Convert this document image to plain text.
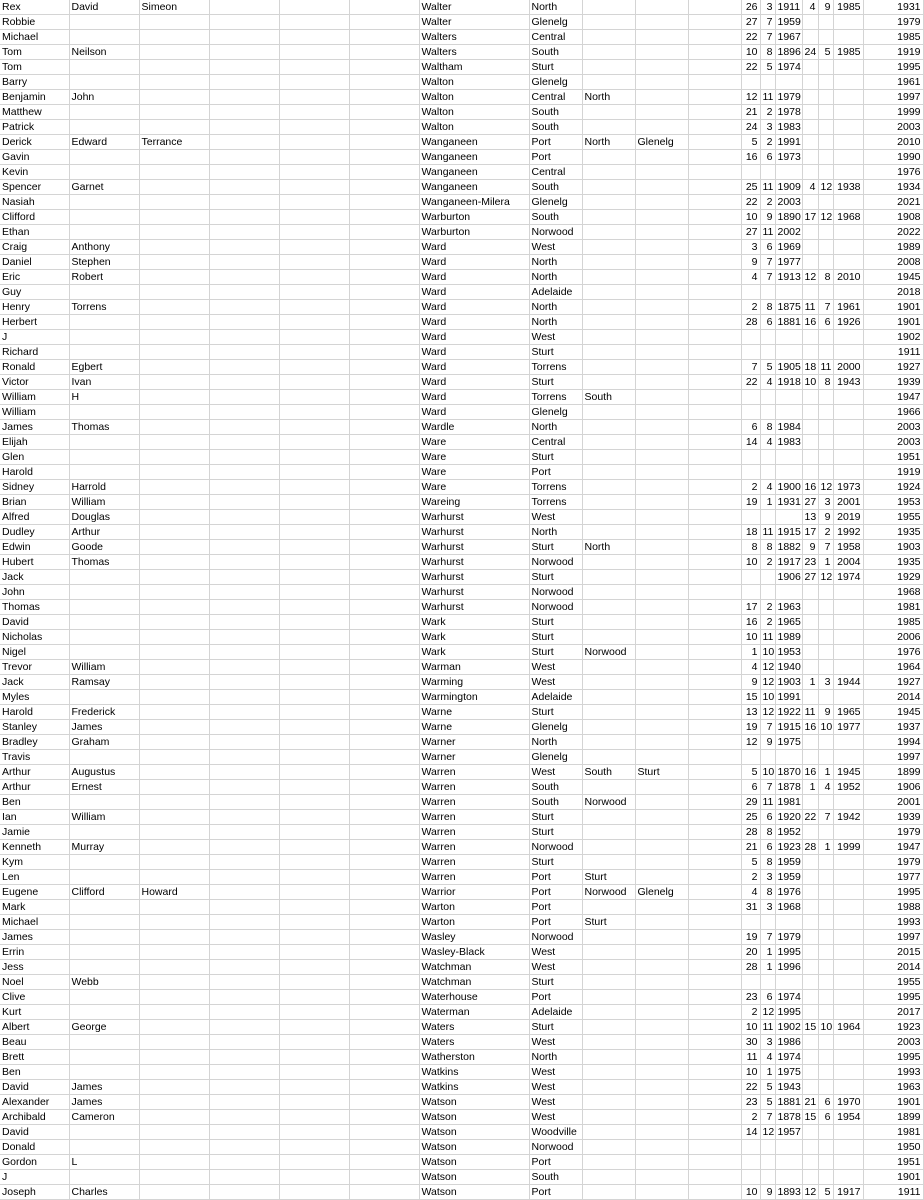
Rex	David	Simeon				Walter	North				26	3	1911	4	9	1985	1931
Robbie						Walter	Glenelg				27	7	1959				1979
Michael						Walters	Central				22	7	1967				1985
Tom	Neilson					Walters	South				10	8	1896	24	5	1985	1919
Tom						Waltham	Sturt				22	5	1974				1995
Barry						Walton	Glenelg										1961
Benjamin	John					Walton	Central	North			12	11	1979				1997
Matthew						Walton	South				21	2	1978				1999
Patrick						Walton	South				24	3	1983				2003
Derick	Edward	Terrance				Wanganeen	Port	North	Glenelg		5	2	1991				2010
Gavin						Wanganeen	Port				16	6	1973				1990
Kevin						Wanganeen	Central										1976
Spencer	Garnet					Wanganeen	South				25	11	1909	4	12	1938	1934
Nasiah						Wanganeen-Milera	Glenelg				22	2	2003				2021
Clifford						Warburton	South				10	9	1890	17	12	1968	1908
Ethan						Warburton	Norwood				27	11	2002				2022
Craig	Anthony					Ward	West				3	6	1969				1989
Daniel	Stephen					Ward	North				9	7	1977				2008
Eric	Robert					Ward	North				4	7	1913	12	8	2010	1945
Guy						Ward	Adelaide										2018
Henry	Torrens					Ward	North				2	8	1875	11	7	1961	1901
Herbert						Ward	North				28	6	1881	16	6	1926	1901
J						Ward	West										1902
Richard						Ward	Sturt										1911
Ronald	Egbert					Ward	Torrens				7	5	1905	18	11	2000	1927
Victor	Ivan					Ward	Sturt				22	4	1918	10	8	1943	1939
William	H					Ward	Torrens	South									1947
William						Ward	Glenelg										1966
James	Thomas					Wardle	North				6	8	1984				2003
Elijah						Ware	Central				14	4	1983				2003
Glen						Ware	Sturt										1951
Harold						Ware	Port										1919
Sidney	Harrold					Ware	Torrens				2	4	1900	16	12	1973	1924
Brian	William					Wareing	Torrens				19	1	1931	27	3	2001	1953
Alfred	Douglas					Warhurst	West							13	9	2019	1955
Dudley	Arthur					Warhurst	North				18	11	1915	17	2	1992	1935
Edwin	Goode					Warhurst	Sturt	North			8	8	1882	9	7	1958	1903
Hubert	Thomas					Warhurst	Norwood				10	2	1917	23	1	2004	1935
Jack						Warhurst	Sturt						1906	27	12	1974	1929
John						Warhurst	Norwood										1968
Thomas						Warhurst	Norwood				17	2	1963				1981
David						Wark	Sturt				16	2	1965				1985
Nicholas						Wark	Sturt				10	11	1989				2006
Nigel						Wark	Sturt	Norwood			1	10	1953				1976
Trevor	William					Warman	West				4	12	1940				1964
Jack	Ramsay					Warming	West				9	12	1903	1	3	1944	1927
Myles						Warmington	Adelaide				15	10	1991				2014
Harold	Frederick					Warne	Sturt				13	12	1922	11	9	1965	1945
Stanley	James					Warne	Glenelg				19	7	1915	16	10	1977	1937
Bradley	Graham					Warner	North				12	9	1975				1994
Travis						Warner	Glenelg										1997
Arthur	Augustus					Warren	West	South	Sturt		5	10	1870	16	1	1945	1899
Arthur	Ernest					Warren	South				6	7	1878	1	4	1952	1906
Ben						Warren	South	Norwood			29	11	1981				2001
Ian	William					Warren	Sturt				25	6	1920	22	7	1942	1939
Jamie						Warren	Sturt				28	8	1952				1979
Kenneth	Murray					Warren	Norwood				21	6	1923	28	1	1999	1947
Kym						Warren	Sturt				5	8	1959				1979
Len						Warren	Port	Sturt			2	3	1959				1977
Eugene	Clifford	Howard				Warrior	Port	Norwood	Glenelg		4	8	1976				1995
Mark						Warton	Port				31	3	1968				1988
Michael						Warton	Port	Sturt									1993
James						Wasley	Norwood				19	7	1979				1997
Errin						Wasley-Black	West				20	1	1995				2015
Jess						Watchman	West				28	1	1996				2014
Noel	Webb					Watchman	Sturt										1955
Clive						Waterhouse	Port				23	6	1974				1995
Kurt						Waterman	Adelaide				2	12	1995				2017
Albert	George					Waters	Sturt				10	11	1902	15	10	1964	1923
Beau						Waters	West				30	3	1986				2003
Brett						Watherston	North				11	4	1974				1995
Ben						Watkins	West				10	1	1975				1993
David	James					Watkins	West				22	5	1943				1963
Alexander	James					Watson	West				23	5	1881	21	6	1970	1901
Archibald	Cameron					Watson	West				2	7	1878	15	6	1954	1899
David						Watson	Woodville				14	12	1957				1981
Donald						Watson	Norwood										1950
Gordon	L					Watson	Port										1951
J						Watson	South										1901
Joseph	Charles					Watson	Port				10	9	1893	12	5	1917	1911
